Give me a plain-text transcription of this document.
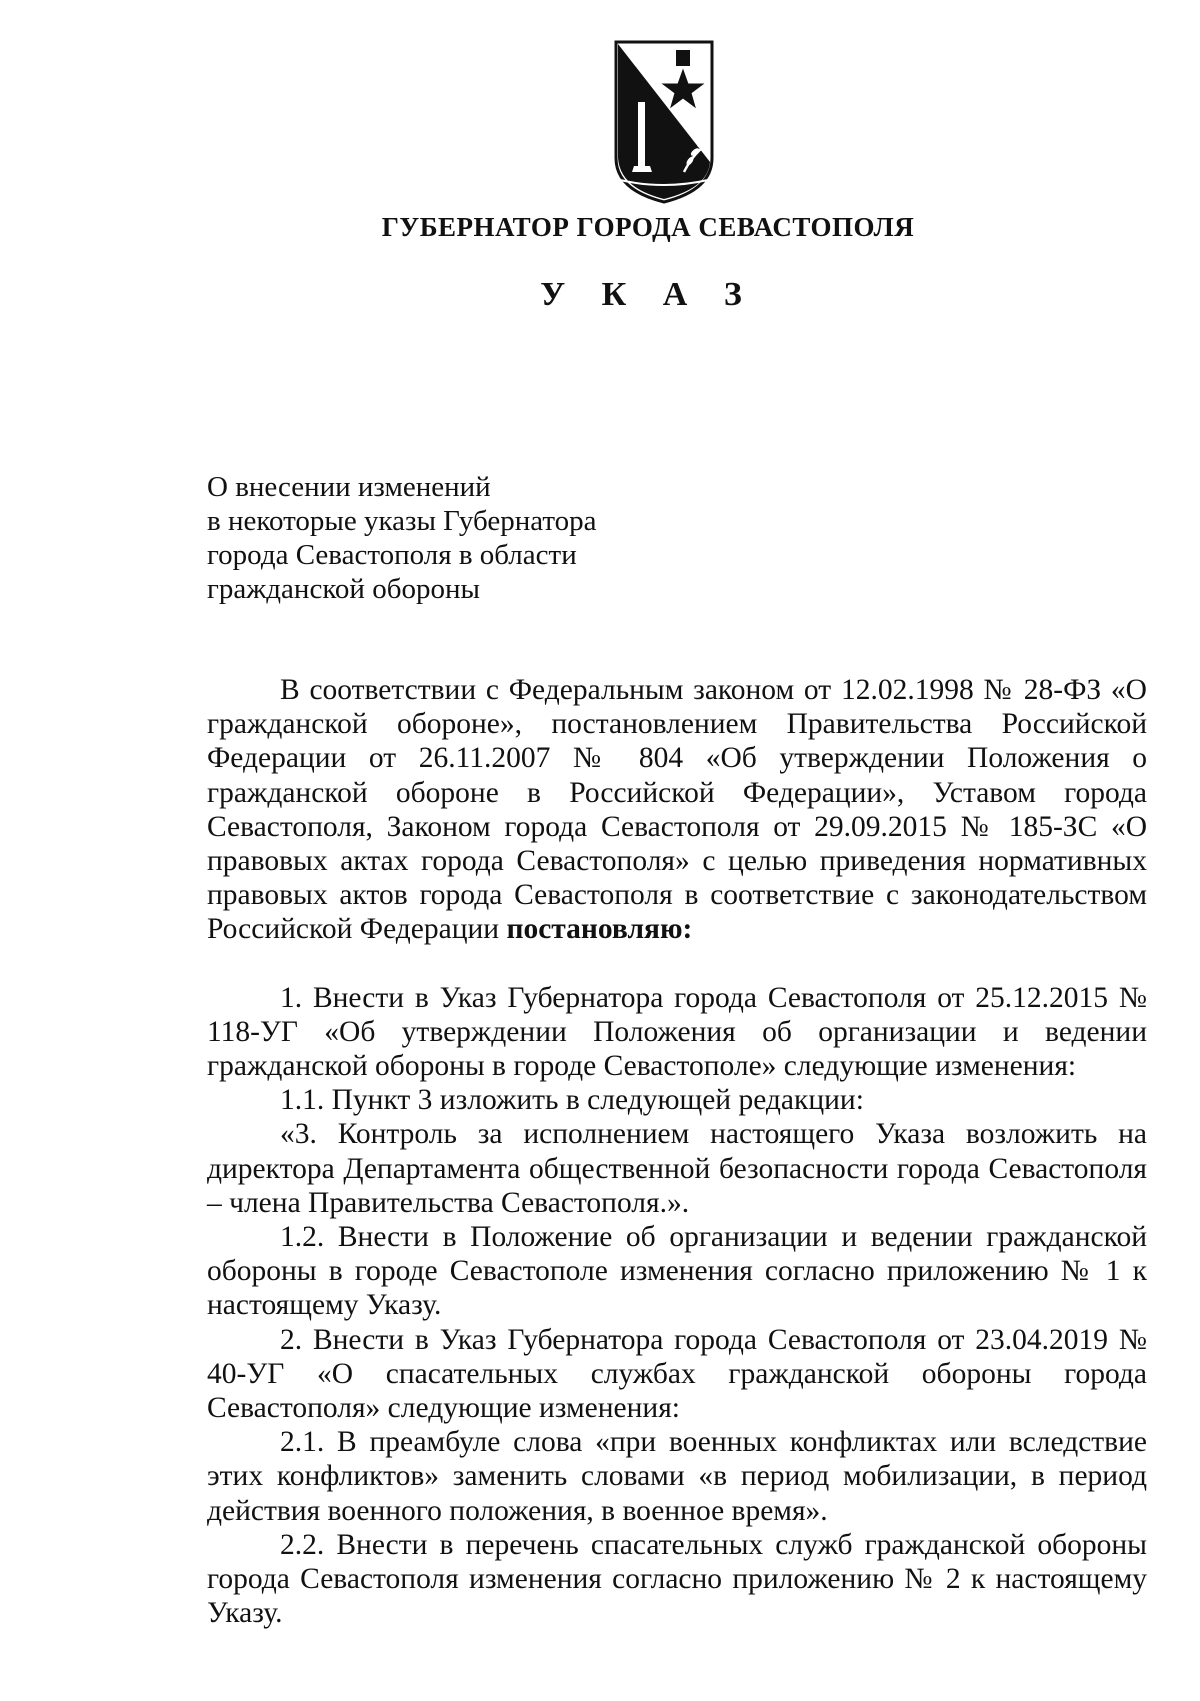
ГУБЕРНАТОР ГОРОДА СЕВАСТОПОЛЯ
У К А З
О внесении изменений
в некоторые указы Губернатора
города Севастополя в области
гражданской обороны

В соответствии с Федеральным законом от 12.02.1998 № 28-ФЗ «О гражданской обороне», постановлением Правительства Российской Федерации от 26.11.2007 № 804 «Об утверждении Положения о гражданской обороне в Российской Федерации», Уставом города Севастополя, Законом города Севастополя от 29.09.2015 № 185-ЗС «О правовых актах города Севастополя» с целью приведения нормативных правовых актов города Севастополя в соответствие с законодательством Российской Федерации постановляю:

1. Внести в Указ Губернатора города Севастополя от 25.12.2015 № 118-УГ «Об утверждении Положения об организации и ведении гражданской обороны в городе Севастополе» следующие изменения:

1.1. Пункт 3 изложить в следующей редакции:

«3. Контроль за исполнением настоящего Указа возложить на директора Департамента общественной безопасности города Севастополя – члена Правительства Севастополя.».

1.2. Внести в Положение об организации и ведении гражданской обороны в городе Севастополе изменения согласно приложению № 1 к настоящему Указу.

2. Внести в Указ Губернатора города Севастополя от 23.04.2019 № 40-УГ «О спасательных службах гражданской обороны города Севастополя» следующие изменения:

2.1. В преамбуле слова «при военных конфликтах или вследствие этих конфликтов» заменить словами «в период мобилизации, в период действия военного положения, в военное время».

2.2. Внести в перечень спасательных служб гражданской обороны города Севастополя изменения согласно приложению № 2 к настоящему Указу.
